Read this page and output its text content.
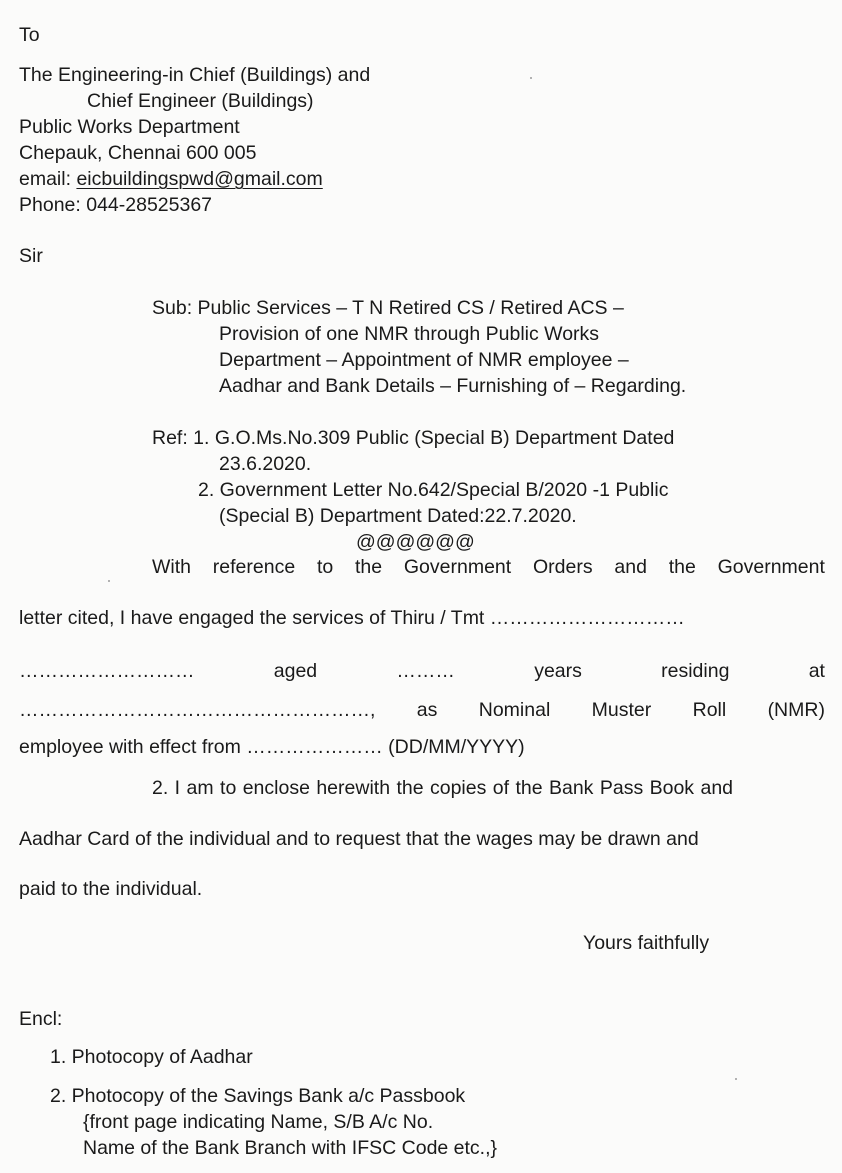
To
The Engineering-in Chief (Buildings) and
Chief Engineer (Buildings)
Public Works Department
Chepauk, Chennai 600 005
email: eicbuildingspwd@gmail.com
Phone: 044-28525367
Sir
Sub: Public Services – T N Retired CS / Retired ACS –
Provision of one NMR through Public Works
Department – Appointment of NMR employee –
Aadhar and Bank Details – Furnishing of – Regarding.
Ref: 1. G.O.Ms.No.309 Public (Special B) Department Dated
23.6.2020.
2. Government Letter No.642/Special B/2020 -1 Public
(Special B) Department Dated:22.7.2020.
@@@@@@
With reference to the Government Orders and the Government
letter cited, I have engaged the services of Thiru / Tmt …………………………
………………………	aged	………	years	residing	at
………………………………………………, as Nominal Muster Roll (NMR)
employee with effect from ………………… (DD/MM/YYYY)
2. I am to enclose herewith the copies of the Bank Pass Book and
Aadhar Card of the individual and to request that the wages may be drawn and
paid to the individual.
Yours faithfully
Encl:
1. Photocopy of Aadhar
2. Photocopy of the Savings Bank a/c Passbook
{front page indicating Name, S/B A/c No.
Name of the Bank Branch with IFSC Code etc.,}
